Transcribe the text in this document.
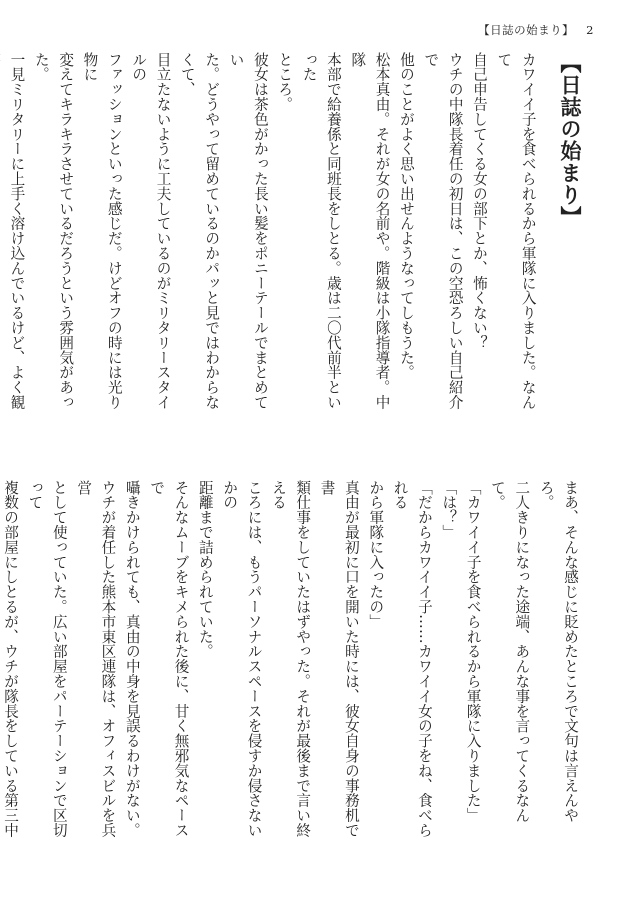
【日誌の始まり】 2

【日誌の始まり】

カワイイ子を食べられるから軍隊に入りました。なんて

自己申告してくる女の部下とか、怖くない？

ウチの中隊長着任の初日は、この空恐ろしい自己紹介で

他のことがよく思い出せんようなってしもうた。

松本真由。それが女の名前や。階級は小隊指導者。中隊

本部で給養係と同班長をしとる。歳は二〇代前半といった

ところ。

彼女は茶色がかった長い髪をポニーテールでまとめてい

た。どうやって留めているのかパッと見ではわからなくて、

目立たないように工夫しているのがミリタリースタイルの

ファッションといった感じだ。けどオフの時には光り物に

変えてキラキラさせているだろうという雰囲気があった。

一見ミリタリーに上手く溶け込んでいるけど、よく観

まあ、そんな感じに貶めたところで文句は言えんやろ。

二人きりになった途端、あんな事を言ってくるなんて。

「カワイイ子を食べられるから軍隊に入りました」

「は？」

「だからカワイイ子……カワイイ女の子をね、食べられる

から軍隊に入ったの」

真由が最初に口を開いた時には、彼女自身の事務机で書

類仕事をしていたはずやった。それが最後まで言い終える

ころには、もうパーソナルスペースを侵すか侵さないかの

距離まで詰められていた。

そんなムーブをキメられた後に、甘く無邪気なペースで

囁きかけられても、真由の中身を見誤るわけがない。

ウチが着任した熊本市東区連隊は、オフィスビルを兵営

として使っていた。広い部屋をパーテーションで区切って

複数の部屋にしとるが、ウチが隊長をしている第三中
